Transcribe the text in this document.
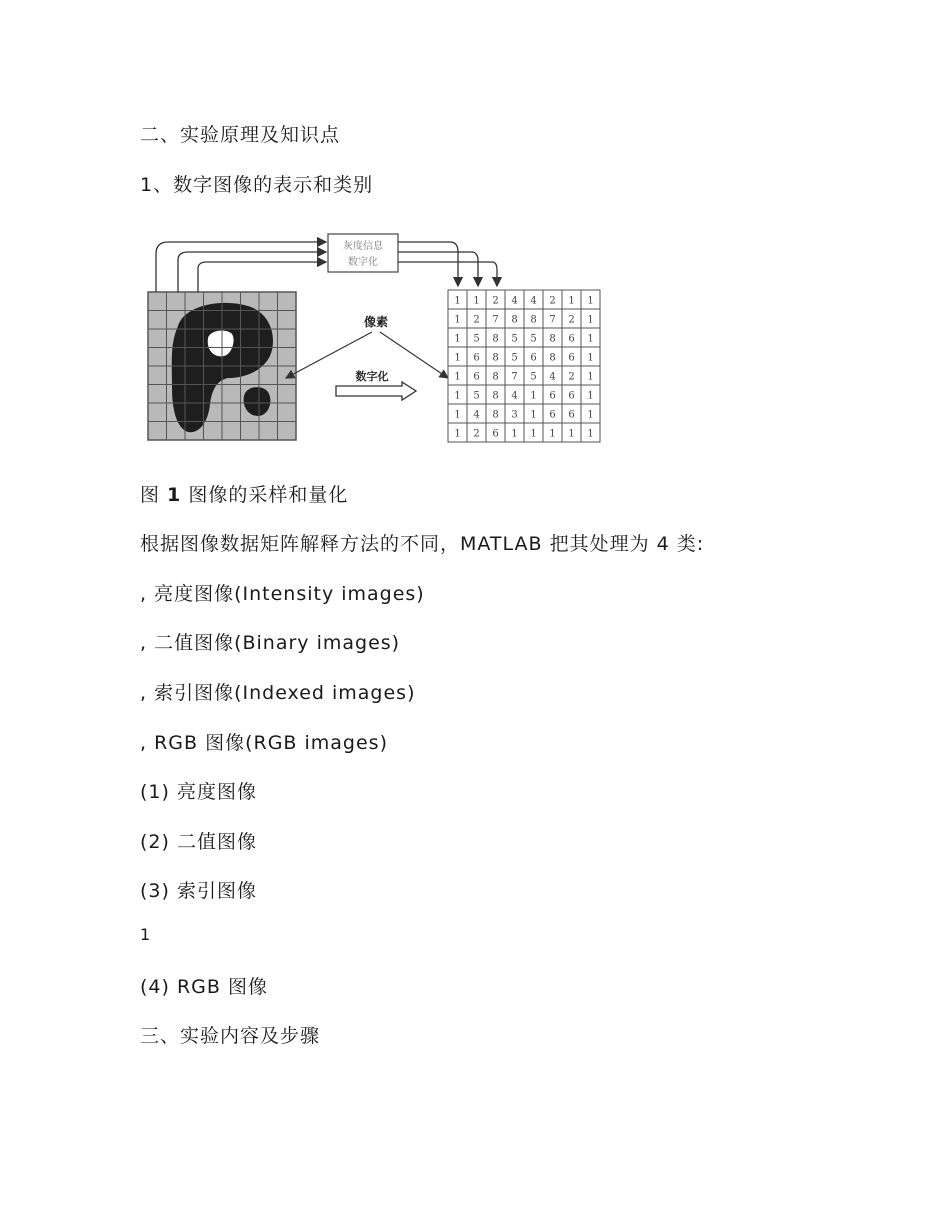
二、实验原理及知识点
1、数字图像的表示和类别
灰度信息
数字化
像素
数字化
1 1 2 4 4 2 1 1
1 2 7 8 8 7 2 1
1 5 8 5 5 8 6 1
1 6 8 5 6 8 6 1
1 6 8 7 5 4 2 1
1 5 8 4 1 6 6 1
1 4 8 3 1 6 6 1
1 2 6 1 1 1 1 1
图 1 图像的采样和量化
根据图像数据矩阵解释方法的不同，MATLAB 把其处理为 4 类:
, 亮度图像(Intensity images)
, 二值图像(Binary images)
, 索引图像(Indexed images)
, RGB 图像(RGB images)
(1) 亮度图像
(2) 二值图像
(3) 索引图像
1
(4) RGB 图像
三、实验内容及步骤
